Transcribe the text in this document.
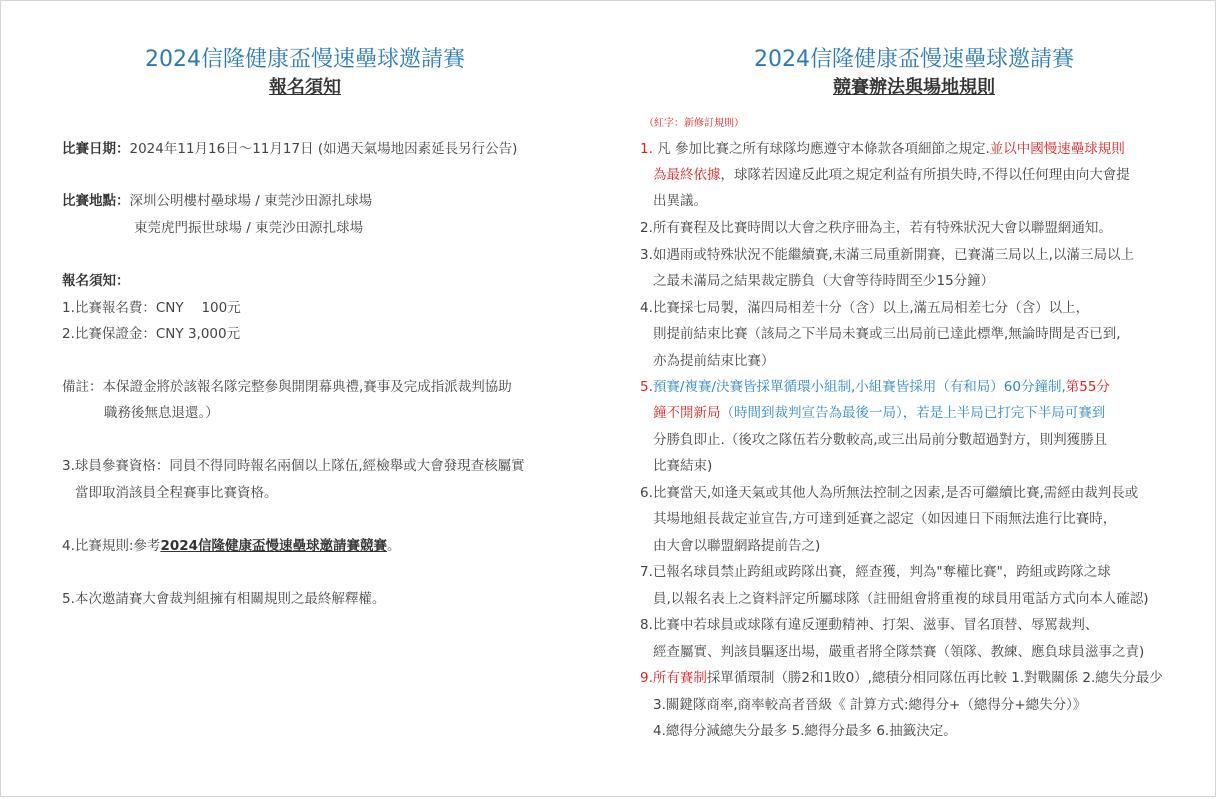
2024信隆健康盃慢速壘球邀請賽
報名須知
比賽日期：2024年11月16日～11月17日 (如遇天氣場地因素延長另行公告)
比賽地點：深圳公明樓村壘球場 / 東莞沙田源扎球場
東莞虎門振世球場 / 東莞沙田源扎球場
報名須知：
1.比賽報名費：CNY　 100元
2.比賽保證金：CNY 3,000元
備註：本保證金將於該報名隊完整參與開閉幕典禮,賽事及完成指派裁判協助
職務後無息退還。）
3.球員參賽資格：同員不得同時報名兩個以上隊伍,經檢舉或大會發現查核屬實
當即取消該員全程賽事比賽資格。
4.比賽規則:參考2024信隆健康盃慢速壘球邀請賽競賽。
5.本次邀請賽大會裁判組擁有相關規則之最終解釋權。
2024信隆健康盃慢速壘球邀請賽
競賽辦法與場地規則
（紅字：新修訂規則）
1. 凡 參加比賽之所有球隊均應遵守本條款各項細節之規定.並以中國慢速壘球規則
為最終依據，球隊若因違反此項之規定利益有所損失時,不得以任何理由向大會提
出異議。
2.所有賽程及比賽時間以大會之秩序冊為主，若有特殊狀況大會以聯盟網通知。
3.如遇雨或特殊狀況不能繼續賽,未滿三局重新開賽，已賽滿三局以上,以滿三局以上
之最未滿局之結果裁定勝負（大會等待時間至少15分鐘）
4.比賽採七局製，滿四局相差十分（含）以上,滿五局相差七分（含）以上，
則提前結束比賽（該局之下半局未賽或三出局前已達此標準,無論時間是否已到,
亦為提前結束比賽）
5.預賽/複賽/決賽皆採單循環小組制,小組賽皆採用（有和局）60分鐘制,第55分
鐘不開新局（時間到裁判宣告為最後一局），若是上半局已打完下半局可賽到
分勝負即止.（後攻之隊伍若分數較高,或三出局前分數超過對方，則判獲勝且
比賽結束)
6.比賽當天,如逢天氣或其他人為所無法控制之因素,是否可繼續比賽,需經由裁判長或
其場地組長裁定並宣告,方可達到延賽之認定（如因連日下雨無法進行比賽時，
由大會以聯盟網路提前告之)
7.已報名球員禁止跨組或跨隊出賽，經查獲，判為"奪權比賽"，跨組或跨隊之球
員,以報名表上之資料評定所屬球隊（註冊組會將重複的球員用電話方式向本人確認)
8.比賽中若球員或球隊有違反運動精神、打架、滋事、冒名頂替、辱罵裁判、
經查屬實、判該員驅逐出場，嚴重者將全隊禁賽（領隊、教練、應負球員滋事之責)
9.所有賽制採單循環制（勝2和1敗0）,總積分相同隊伍再比較 1.對戰關係 2.總失分最少
3.關鍵隊商率,商率較高者晉級《 計算方式:總得分+（總得分+總失分）》
4.總得分減總失分最多 5.總得分最多 6.抽籤決定。
